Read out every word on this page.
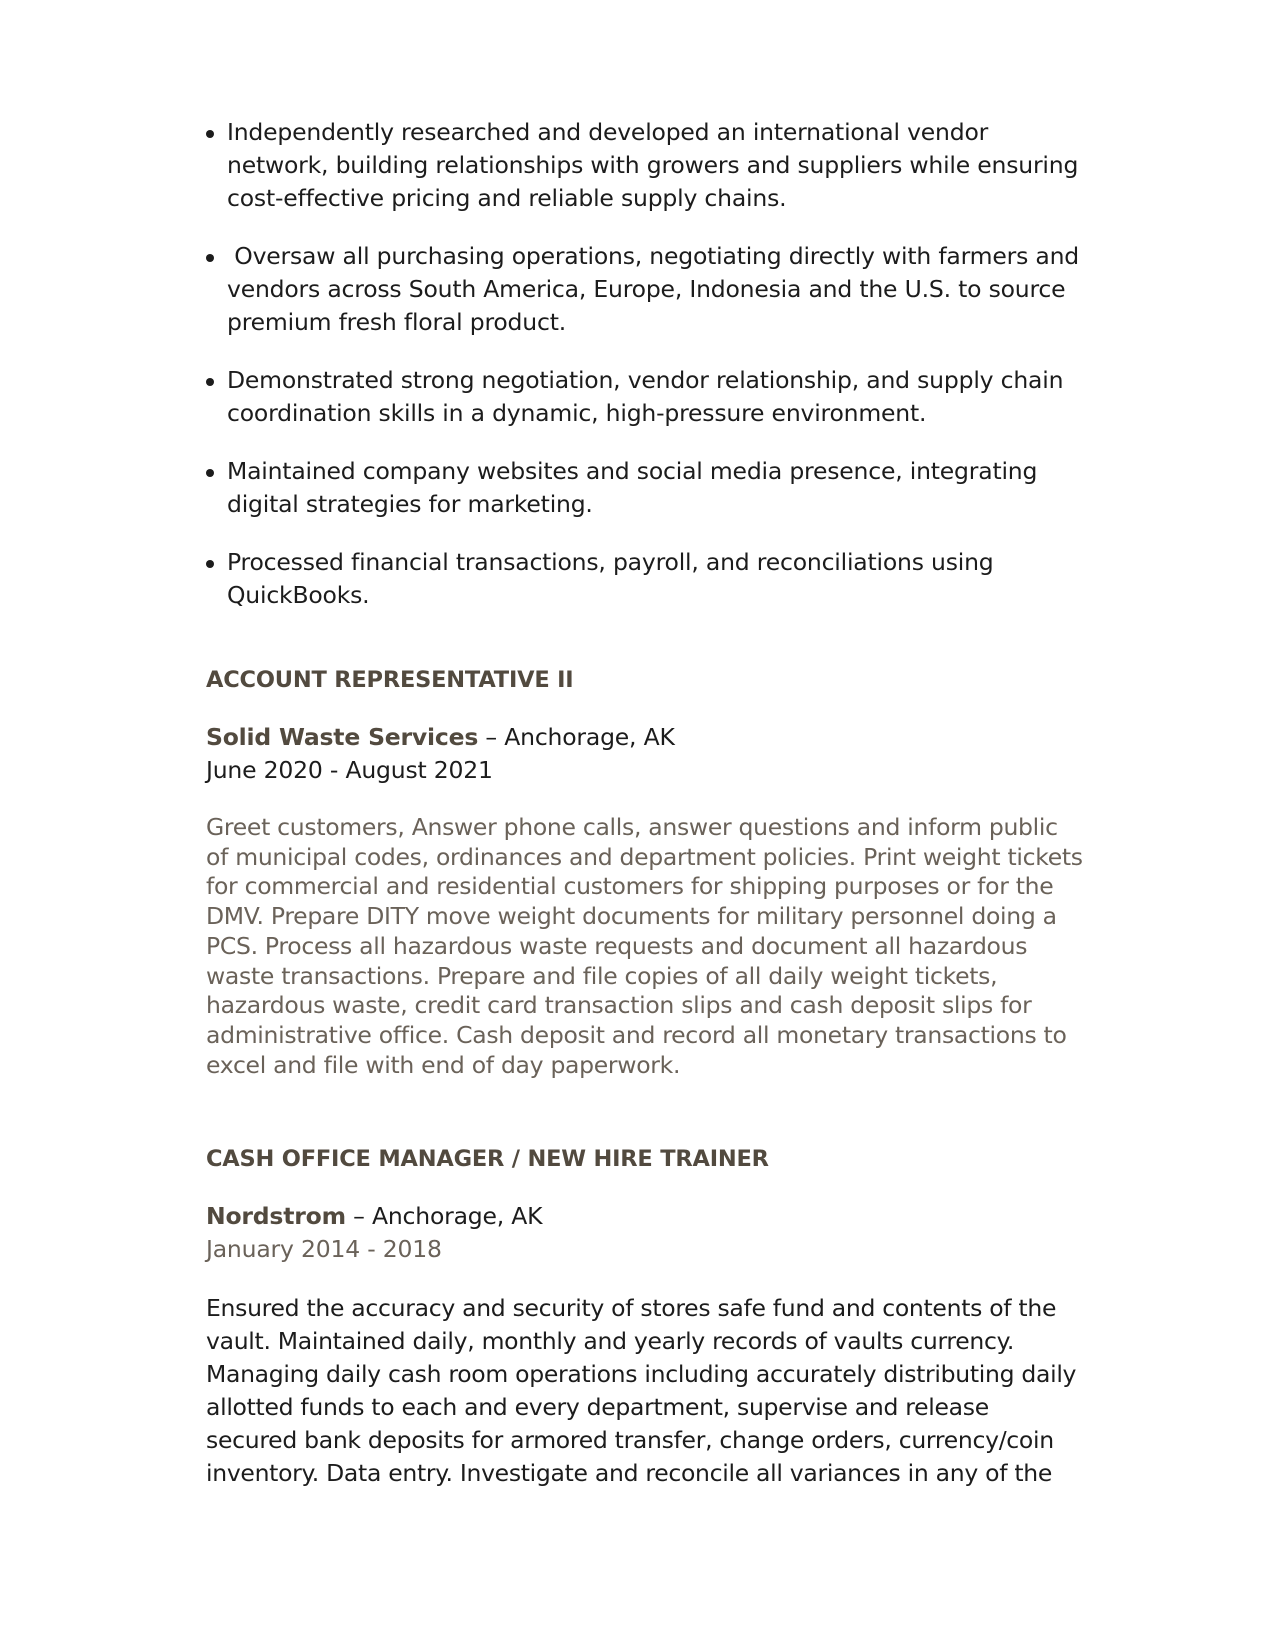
Independently researched and developed an international vendor network, building relationships with growers and suppliers while ensuring cost-effective pricing and reliable supply chains.
Oversaw all purchasing operations, negotiating directly with farmers and vendors across South America, Europe, Indonesia and the U.S. to source premium fresh floral product.
Demonstrated strong negotiation, vendor relationship, and supply chain coordination skills in a dynamic, high-pressure environment.
Maintained company websites and social media presence, integrating digital strategies for marketing.
Processed financial transactions, payroll, and reconciliations using QuickBooks.
ACCOUNT REPRESENTATIVE II
Solid Waste Services – Anchorage, AK
June 2020 - August 2021

Greet customers, Answer phone calls, answer questions and inform public of municipal codes, ordinances and department policies. Print weight tickets for commercial and residential customers for shipping purposes or for the DMV. Prepare DITY move weight documents for military personnel doing a PCS. Process all hazardous waste requests and document all hazardous waste transactions. Prepare and file copies of all daily weight tickets, hazardous waste, credit card transaction slips and cash deposit slips for administrative office. Cash deposit and record all monetary transactions to excel and file with end of day paperwork.

CASH OFFICE MANAGER / NEW HIRE TRAINER
Nordstrom – Anchorage, AK
January 2014 - 2018

Ensured the accuracy and security of stores safe fund and contents of the vault. Maintained daily, monthly and yearly records of vaults currency. Managing daily cash room operations including accurately distributing daily allotted funds to each and every department, supervise and release secured bank deposits for armored transfer, change orders, currency/coin inventory. Data entry. Investigate and reconcile all variances in any of the
